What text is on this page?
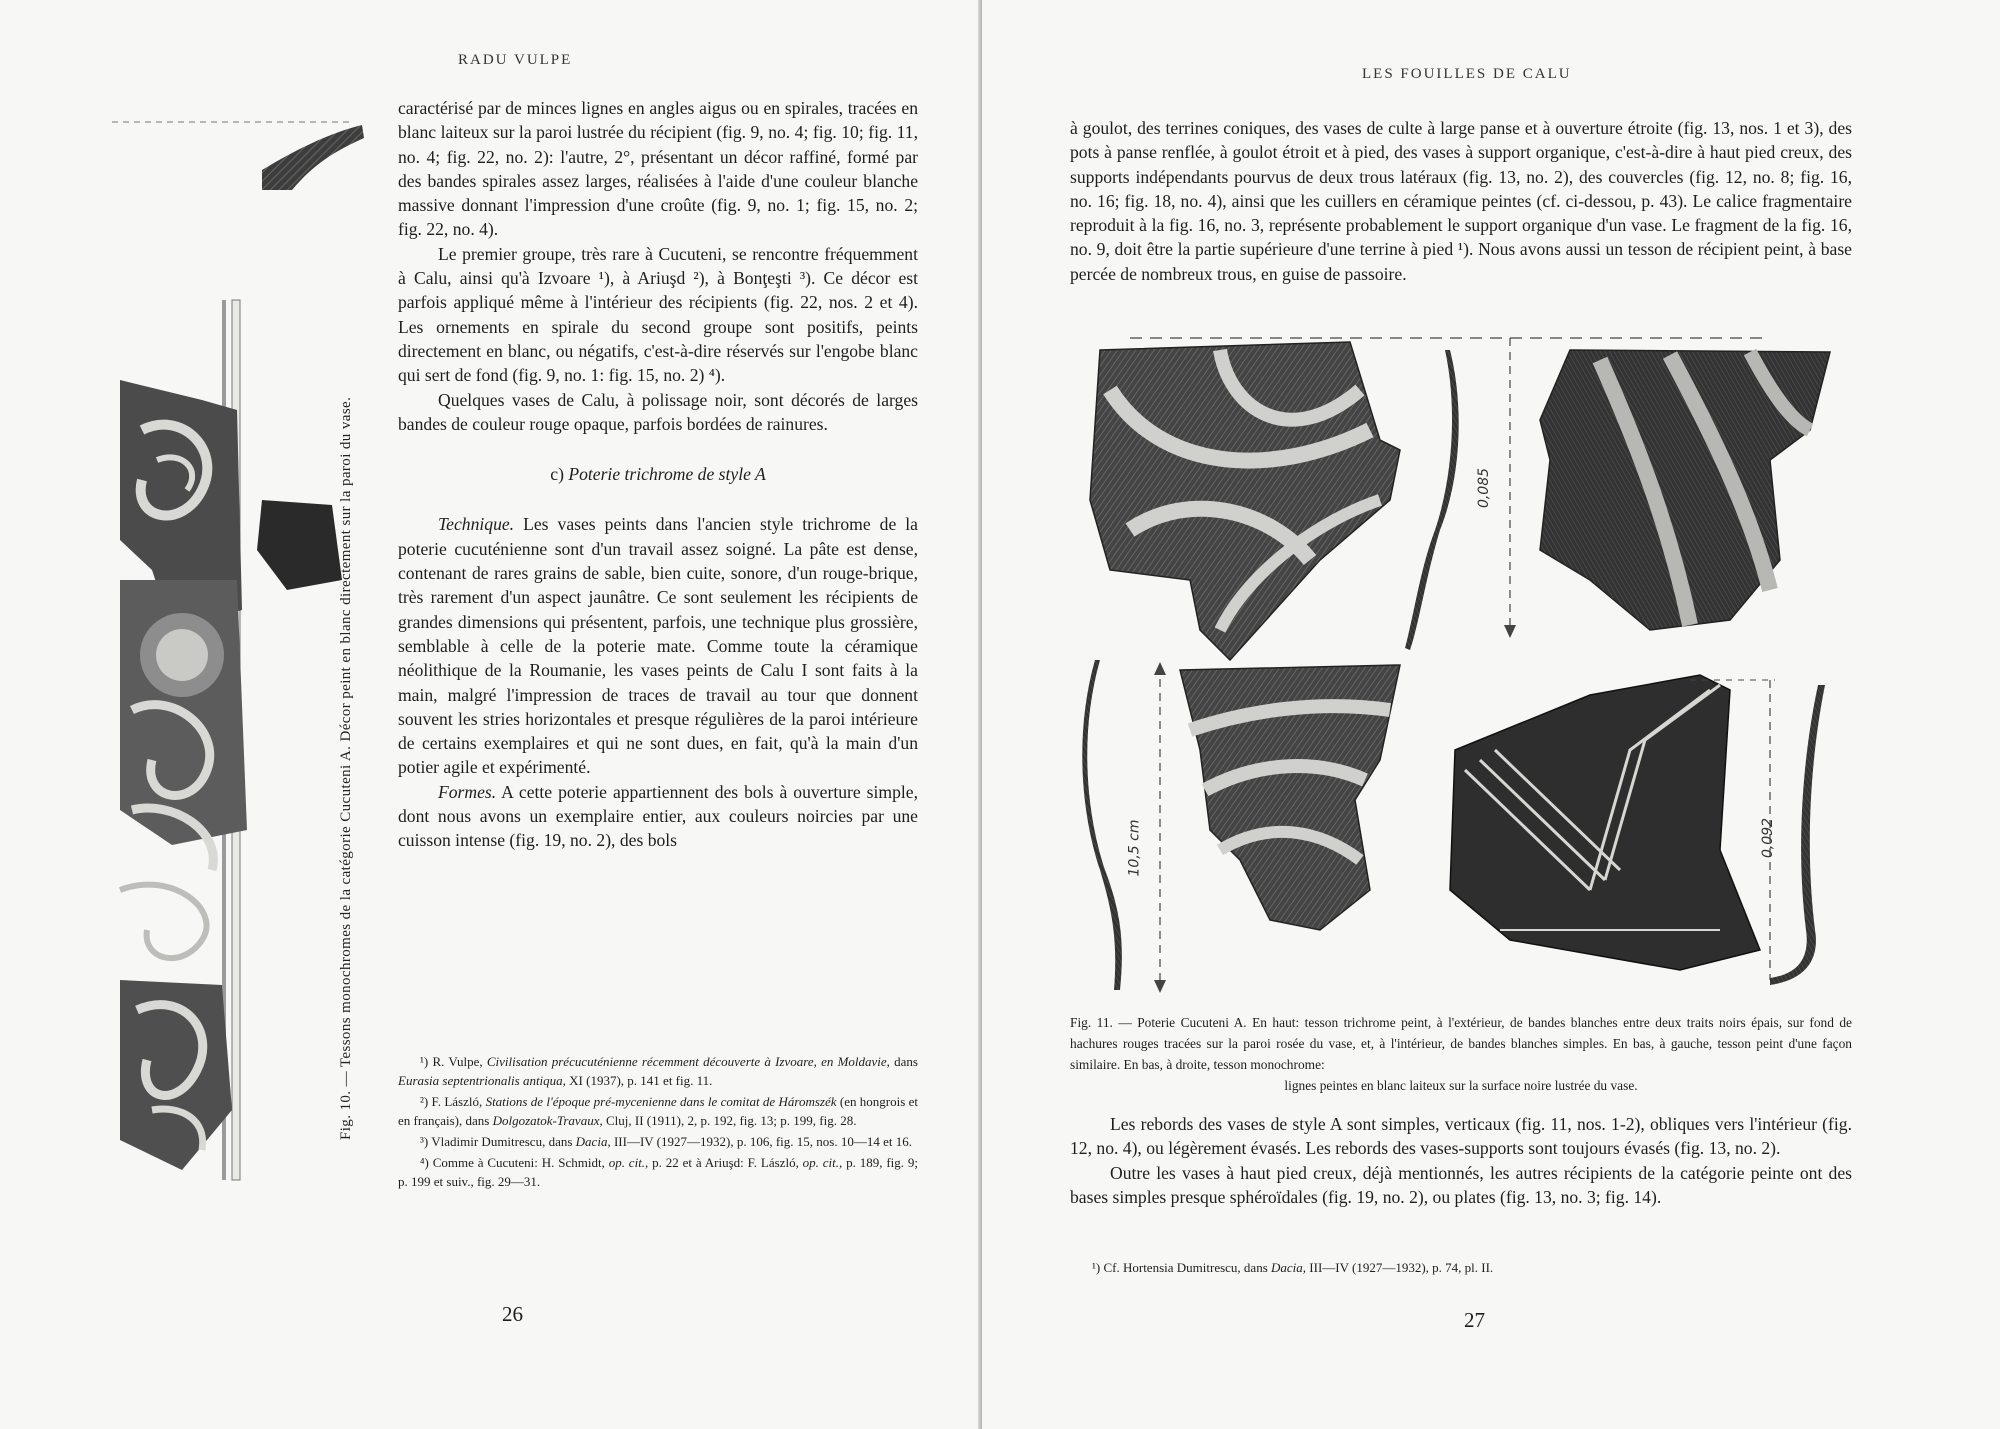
RADU VULPE
Fig. 10. — Tessons monochromes de la catégorie Cucuteni A. Décor peint en blanc directement sur la paroi du vase.

caractérisé par de minces lignes en angles aigus ou en spirales, tracées en blanc laiteux sur la paroi lustrée du récipient (fig. 9, no. 4; fig. 10; fig. 11, no. 4; fig. 22, no. 2): l'autre, 2°, présentant un décor raffiné, formé par des bandes spirales assez larges, réalisées à l'aide d'une couleur blanche massive donnant l'impression d'une croûte (fig. 9, no. 1; fig. 15, no. 2; fig. 22, no. 4).

Le premier groupe, très rare à Cucuteni, se rencontre fréquemment à Calu, ainsi qu'à Izvoare ¹), à Ariuşd ²), à Bonţeşti ³). Ce décor est parfois appliqué même à l'intérieur des récipients (fig. 22, nos. 2 et 4). Les ornements en spirale du second groupe sont positifs, peints directement en blanc, ou négatifs, c'est-à-dire réservés sur l'engobe blanc qui sert de fond (fig. 9, no. 1: fig. 15, no. 2) ⁴).

Quelques vases de Calu, à polissage noir, sont décorés de larges bandes de couleur rouge opaque, parfois bordées de rainures.

c) Poterie trichrome de style A

Technique. Les vases peints dans l'ancien style trichrome de la poterie cucuténienne sont d'un travail assez soigné. La pâte est dense, contenant de rares grains de sable, bien cuite, sonore, d'un rouge-brique, très rarement d'un aspect jaunâtre. Ce sont seulement les récipients de grandes dimensions qui présentent, parfois, une technique plus grossière, semblable à celle de la poterie mate. Comme toute la céramique néolithique de la Roumanie, les vases peints de Calu I sont faits à la main, malgré l'impression de traces de travail au tour que donnent souvent les stries horizontales et presque régulières de la paroi intérieure de certains exemplaires et qui ne sont dues, en fait, qu'à la main d'un potier agile et expérimenté.

Formes. A cette poterie appartiennent des bols à ouverture simple, dont nous avons un exemplaire entier, aux couleurs noircies par une cuisson intense (fig. 19, no. 2), des bols

¹) R. Vulpe, Civilisation précucuténienne récemment découverte à Izvoare, en Moldavie, dans Eurasia septentrionalis antiqua, XI (1937), p. 141 et fig. 11.

²) F. László, Stations de l'époque pré-mycenienne dans le comitat de Háromszék (en hongrois et en français), dans Dolgozatok-Travaux, Cluj, II (1911), 2, p. 192, fig. 13; p. 199, fig. 28.

³) Vladimir Dumitrescu, dans Dacia, III—IV (1927—1932), p. 106, fig. 15, nos. 10—14 et 16.

⁴) Comme à Cucuteni: H. Schmidt, op. cit., p. 22 et à Ariuşd: F. László, op. cit., p. 189, fig. 9; p. 199 et suiv., fig. 29—31.

26
LES FOUILLES DE CALU

à goulot, des terrines coniques, des vases de culte à large panse et à ouverture étroite (fig. 13, nos. 1 et 3), des pots à panse renflée, à goulot étroit et à pied, des vases à support organique, c'est-à-dire à haut pied creux, des supports indépendants pourvus de deux trous latéraux (fig. 13, no. 2), des couvercles (fig. 12, no. 8; fig. 16, no. 16; fig. 18, no. 4), ainsi que les cuillers en céramique peintes (cf. ci-dessou, p. 43). Le calice fragmentaire reproduit à la fig. 16, no. 3, représente probablement le support organique d'un vase. Le fragment de la fig. 16, no. 9, doit être la partie supérieure d'une terrine à pied ¹). Nous avons aussi un tesson de récipient peint, à base percée de nombreux trous, en guise de passoire.

0,085
10,5 cm	0,092
Fig. 11. — Poterie Cucuteni A. En haut: tesson trichrome peint, à l'extérieur, de bandes blanches entre deux traits noirs épais, sur fond de hachures rouges tracées sur la paroi rosée du vase, et, à l'intérieur, de bandes blanches simples. En bas, à gauche, tesson peint d'une façon similaire. En bas, à droite, tesson monochrome:
lignes peintes en blanc laiteux sur la surface noire lustrée du vase.

Les rebords des vases de style A sont simples, verticaux (fig. 11, nos. 1-2), obliques vers l'intérieur (fig. 12, no. 4), ou légèrement évasés. Les rebords des vases-supports sont toujours évasés (fig. 13, no. 2).

Outre les vases à haut pied creux, déjà mentionnés, les autres récipients de la catégorie peinte ont des bases simples presque sphéroïdales (fig. 19, no. 2), ou plates (fig. 13, no. 3; fig. 14).

¹) Cf. Hortensia Dumitrescu, dans Dacia, III—IV (1927—1932), p. 74, pl. II.

27
